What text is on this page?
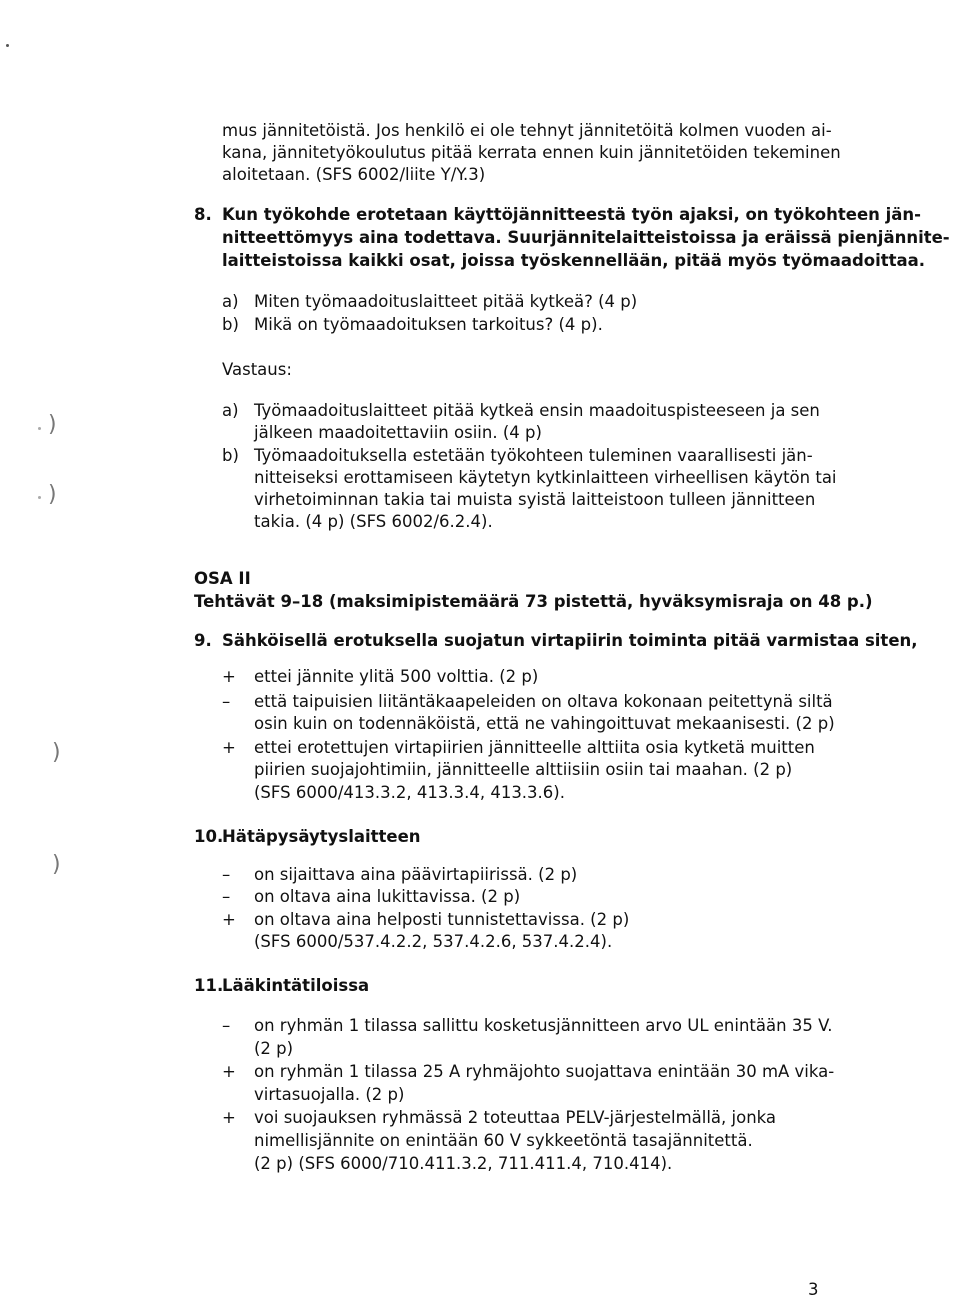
mus jännitetöistä. Jos henkilö ei ole tehnyt jännitetöitä kolmen vuoden ai-
kana, jännitetyökoulutus pitää kerrata ennen kuin jännitetöiden tekeminen
aloitetaan. (SFS 6002/liite Y/Y.3)
8. Kun työkohde erotetaan käyttöjännitteestä työn ajaksi, on työkohteen jän-
nitteettömyys aina todettava. Suurjännitelaitteistoissa ja eräissä pienjännite-
laitteistoissa kaikki osat, joissa työskennellään, pitää myös työmaadoittaa.
a) Miten työmaadoituslaitteet pitää kytkeä? (4 p)
b) Mikä on työmaadoituksen tarkoitus? (4 p).
Vastaus:
a) Työmaadoituslaitteet pitää kytkeä ensin maadoituspisteeseen ja sen
jälkeen maadoitettaviin osiin. (4 p)
b) Työmaadoituksella estetään työkohteen tuleminen vaarallisesti jän-
nitteiseksi erottamiseen käytetyn kytkinlaitteen virheellisen käytön tai
virhetoiminnan takia tai muista syistä laitteistoon tulleen jännitteen
takia. (4 p) (SFS 6002/6.2.4).
OSA II
Tehtävät 9–18 (maksimipistemäärä 73 pistettä, hyväksymisraja on 48 p.)
9. Sähköisellä erotuksella suojatun virtapiirin toiminta pitää varmistaa siten,
+ ettei jännite ylitä 500 volttia. (2 p)
– että taipuisien liitäntäkaapeleiden on oltava kokonaan peitettynä siltä
osin kuin on todennäköistä, että ne vahingoittuvat mekaanisesti. (2 p)
+ ettei erotettujen virtapiirien jännitteelle alttiita osia kytketä muitten
piirien suojajohtimiin, jännitteelle alttiisiin osiin tai maahan. (2 p)
(SFS 6000/413.3.2, 413.3.4, 413.3.6).
10.
Hätäpysäytyslaitteen
– on sijaittava aina päävirtapiirissä. (2 p)
– on oltava aina lukittavissa. (2 p)
+ on oltava aina helposti tunnistettavissa. (2 p)
(SFS 6000/537.4.2.2, 537.4.2.6, 537.4.2.4).
11.
Lääkintätiloissa
– on ryhmän 1 tilassa sallittu kosketusjännitteen arvo UL enintään 35 V.
(2 p)
+ on ryhmän 1 tilassa 25 A ryhmäjohto suojattava enintään 30 mA vika-
virtasuojalla. (2 p)
+ voi suojauksen ryhmässä 2 toteuttaa PELV-järjestelmällä, jonka
nimellisjännite on enintään 60 V sykkeetöntä tasajännitettä.
(2 p) (SFS 6000/710.411.3.2, 711.411.4, 710.414).
3
)
)
)
)
